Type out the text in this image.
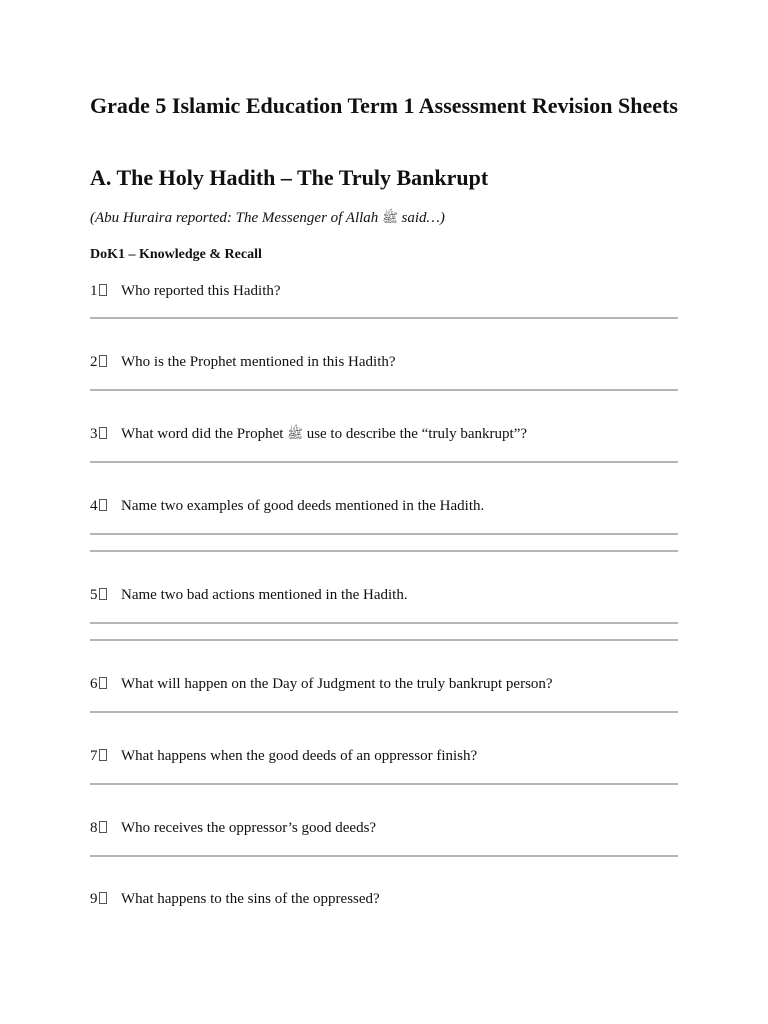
Grade 5 Islamic Education Term 1 Assessment Revision Sheets
A. The Holy Hadith – The Truly Bankrupt
(Abu Huraira reported: The Messenger of Allah ﷺ said…)
DoK1 – Knowledge & Recall
1 Who reported this Hadith?
2 Who is the Prophet mentioned in this Hadith?
3 What word did the Prophet ﷺ use to describe the “truly bankrupt”?
4 Name two examples of good deeds mentioned in the Hadith.
5 Name two bad actions mentioned in the Hadith.
6 What will happen on the Day of Judgment to the truly bankrupt person?
7 What happens when the good deeds of an oppressor finish?
8 Who receives the oppressor’s good deeds?
9 What happens to the sins of the oppressed?
